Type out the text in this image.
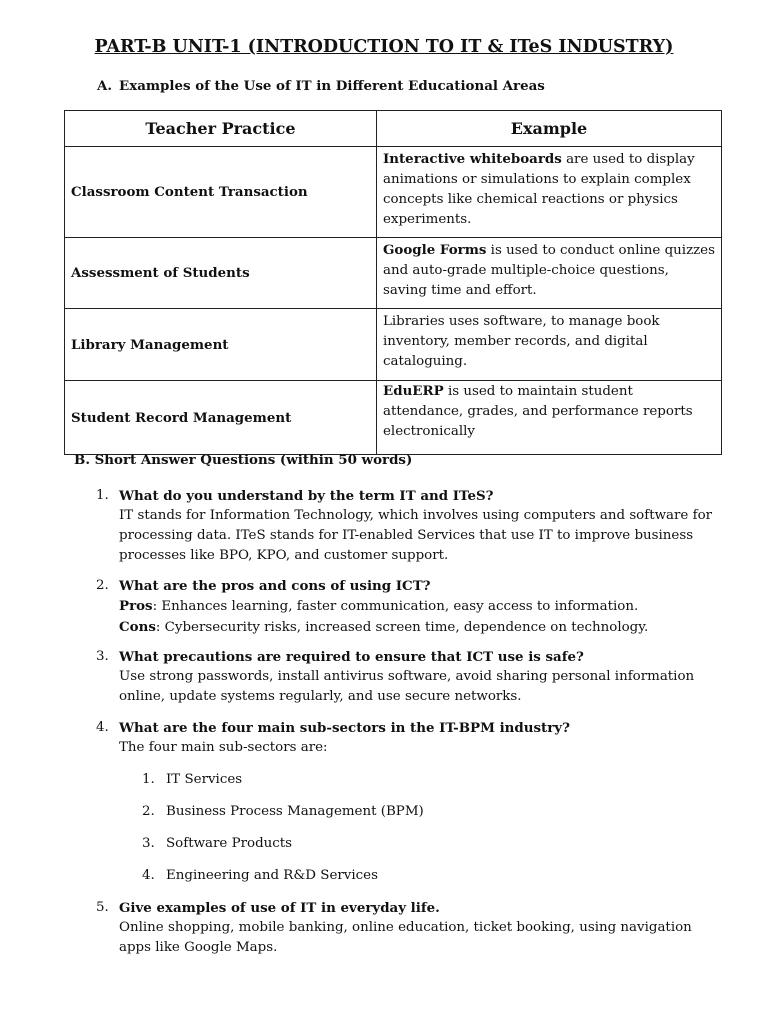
PART-B UNIT-1 (INTRODUCTION TO IT & ITeS INDUSTRY)
A. Examples of the Use of IT in Different Educational Areas
Teacher Practice	Example

Classroom Content Transaction	Interactive whiteboards are used to display animations or simulations to explain complex concepts like chemical reactions or physics experiments.
Assessment of Students	Google Forms is used to conduct online quizzes and auto-grade multiple-choice questions, saving time and effort.
Library Management	Libraries uses software, to manage book inventory, member records, and digital cataloguing.
Student Record Management	EduERP is used to maintain student attendance, grades, and performance reports electronically
B. Short Answer Questions (within 50 words)
1. What do you understand by the term IT and ITeS?
IT stands for Information Technology, which involves using computers and software for processing data. ITeS stands for IT-enabled Services that use IT to improve business processes like BPO, KPO, and customer support.
2. What are the pros and cons of using ICT?
Pros: Enhances learning, faster communication, easy access to information.
Cons: Cybersecurity risks, increased screen time, dependence on technology.
3. What precautions are required to ensure that ICT use is safe?
Use strong passwords, install antivirus software, avoid sharing personal information online, update systems regularly, and use secure networks.
4. What are the four main sub-sectors in the IT-BPM industry?
The four main sub-sectors are:
1. IT Services
2. Business Process Management (BPM)
3. Software Products
4. Engineering and R&D Services
5. Give examples of use of IT in everyday life.
Online shopping, mobile banking, online education, ticket booking, using navigation apps like Google Maps.
